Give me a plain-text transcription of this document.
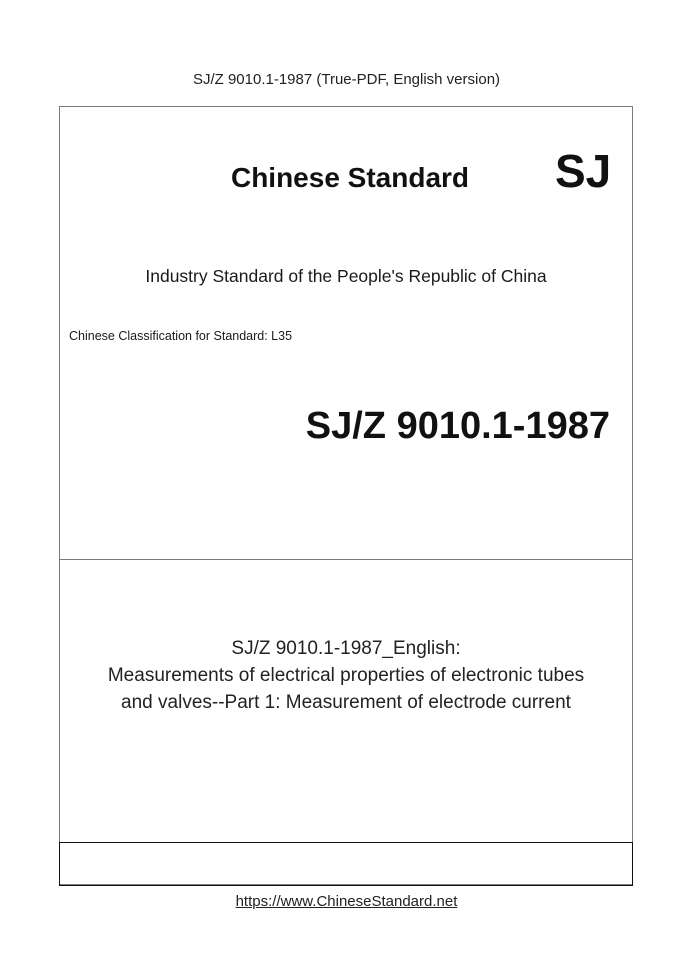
SJ/Z 9010.1-1987 (True-PDF, English version)
Chinese Standard	SJ
Industry Standard of the People's Republic of China
Chinese Classification for Standard: L35
SJ/Z 9010.1-1987
SJ/Z 9010.1-1987_English:
Measurements of electrical properties of electronic tubes
and valves--Part 1: Measurement of electrode current
https://www.ChineseStandard.net
